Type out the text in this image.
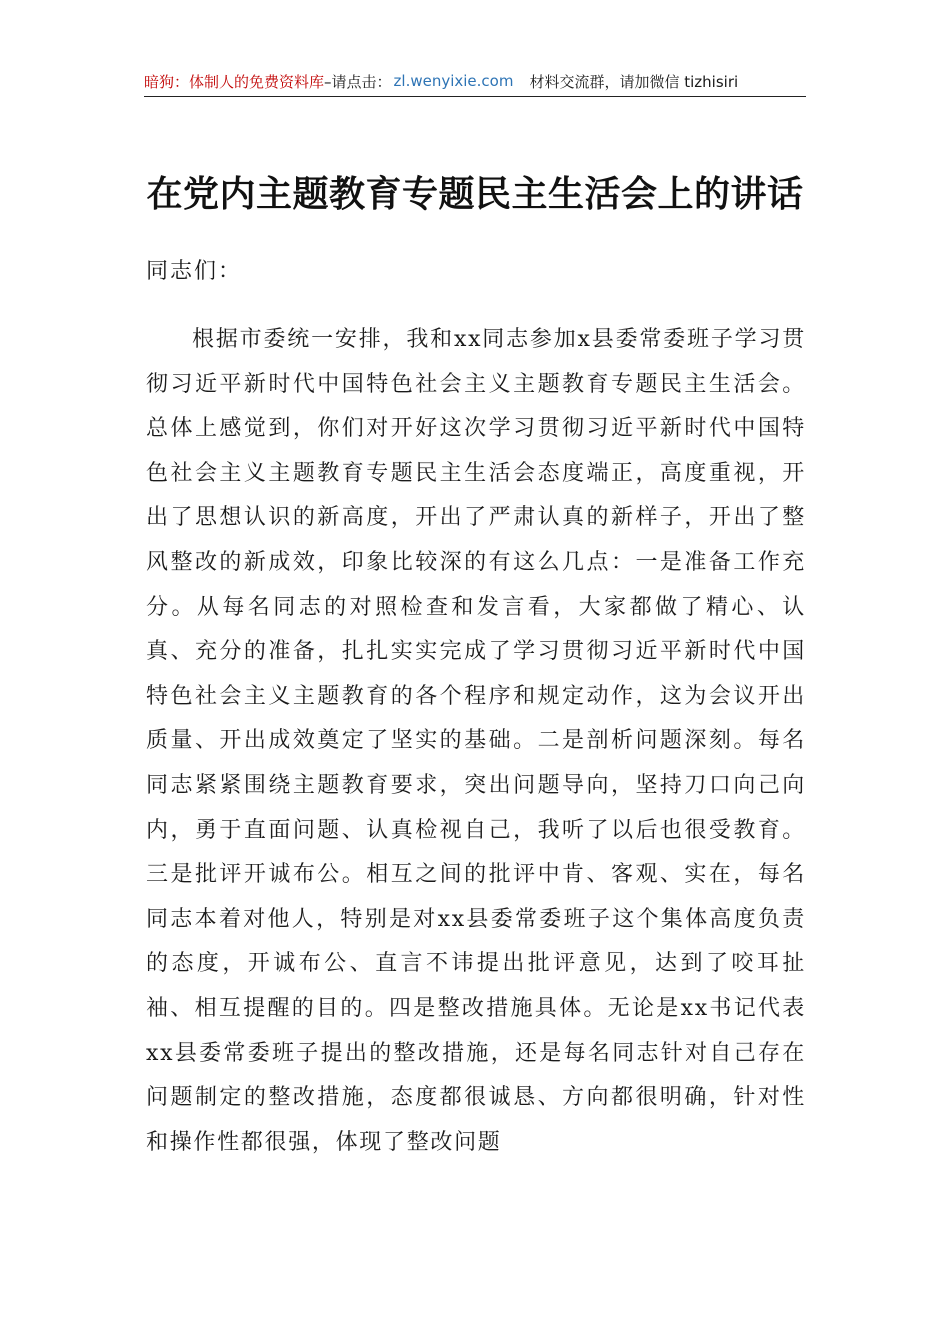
暗狗：体制人的免费资料库 –请点击： zl.wenyixie.com 材料交流群，请加微信 tizhisiri
在党内主题教育专题民主生活会上的讲话
同志们：

根据市委统一安排，我和xx同志参加x县委常委班子学习贯彻习近平新时代中国特色社会主义主题教育专题民主生活会。总体上感觉到，你们对开好这次学习贯彻习近平新时代中国特色社会主义主题教育专题民主生活会态度端正，高度重视，开出了思想认识的新高度，开出了严肃认真的新样子，开出了整风整改的新成效，印象比较深的有这么几点：一是准备工作充分。从每名同志的对照检查和发言看，大家都做了精心、认真、充分的准备，扎扎实实完成了学习贯彻习近平新时代中国特色社会主义主题教育的各个程序和规定动作，这为会议开出质量、开出成效奠定了坚实的基础。二是剖析问题深刻。每名同志紧紧围绕主题教育要求，突出问题导向，坚持刀口向己向内，勇于直面问题、认真检视自己，我听了以后也很受教育。三是批评开诚布公。相互之间的批评中肯、客观、实在，每名同志本着对他人，特别是对xx县委常委班子这个集体高度负责的态度，开诚布公、直言不讳提出批评意见，达到了咬耳扯袖、相互提醒的目的。四是整改措施具体。无论是xx书记代表xx县委常委班子提出的整改措施，还是每名同志针对自己存在问题制定的整改措施，态度都很诚恳、方向都很明确，针对性和操作性都很强，体现了整改问题
